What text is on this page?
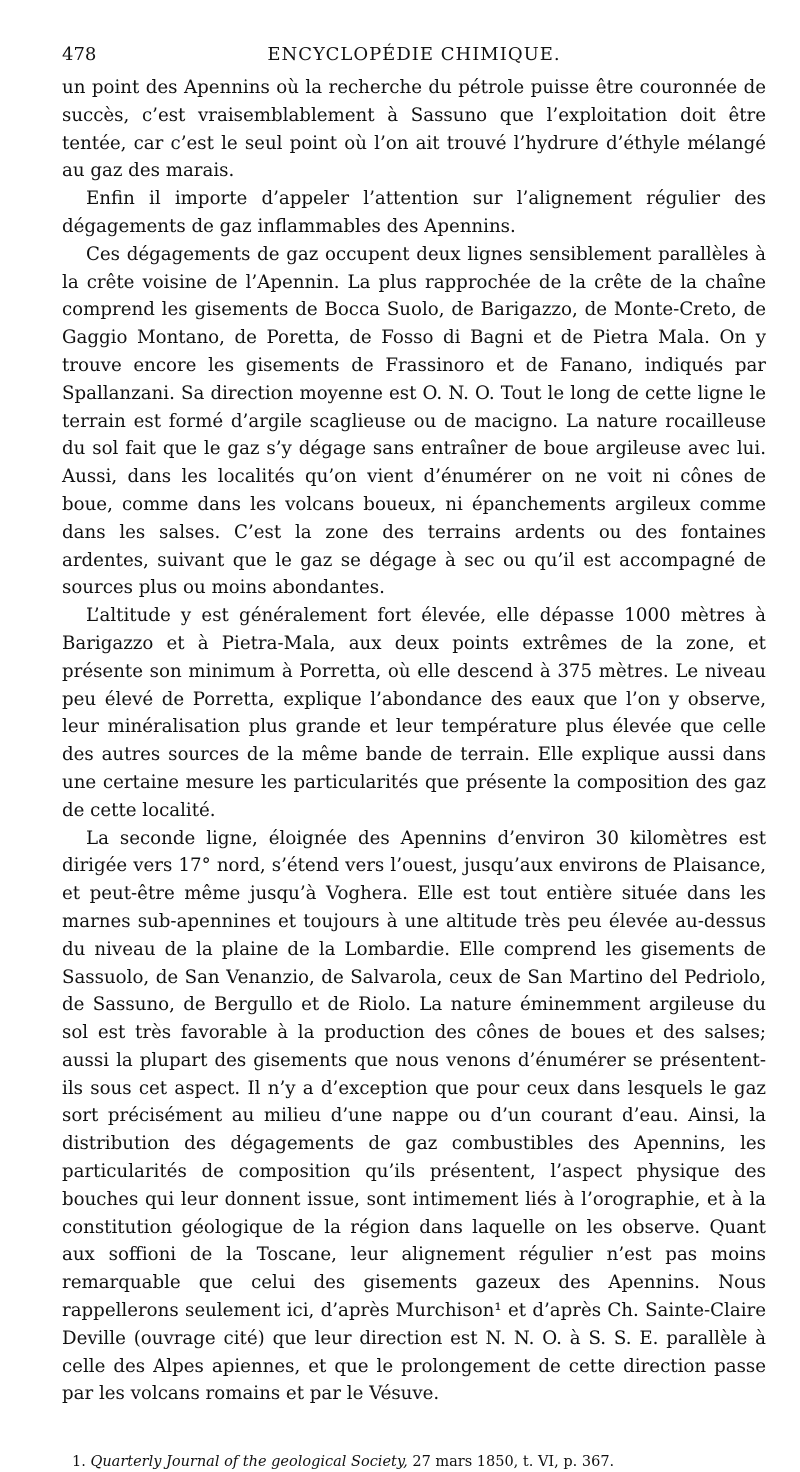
478	ENCYCLOPÉDIE CHIMIQUE.

un point des Apennins où la recherche du pétrole puisse être couronnée de succès, c’est vraisemblablement à Sassuno que l’exploitation doit être tentée, car c’est le seul point où l’on ait trouvé l’hydrure d’éthyle mélangé au gaz des marais.

Enfin il importe d’appeler l’attention sur l’alignement régulier des dégagements de gaz inflammables des Apennins.

Ces dégagements de gaz occupent deux lignes sensiblement parallèles à la crête voisine de l’Apennin. La plus rapprochée de la crête de la chaîne comprend les gisements de Bocca Suolo, de Barigazzo, de Monte-Creto, de Gaggio Montano, de Poretta, de Fosso di Bagni et de Pietra Mala. On y trouve encore les gisements de Frassinoro et de Fanano, indiqués par Spallanzani. Sa direction moyenne est O. N. O. Tout le long de cette ligne le terrain est formé d’argile scaglieuse ou de macigno. La nature rocailleuse du sol fait que le gaz s’y dégage sans entraîner de boue argileuse avec lui. Aussi, dans les localités qu’on vient d’énumérer on ne voit ni cônes de boue, comme dans les volcans boueux, ni épanchements argileux comme dans les salses. C’est la zone des terrains ardents ou des fontaines ardentes, suivant que le gaz se dégage à sec ou qu’il est accompagné de sources plus ou moins abondantes.

L’altitude y est généralement fort élevée, elle dépasse 1000 mètres à Barigazzo et à Pietra-Mala, aux deux points extrêmes de la zone, et présente son minimum à Porretta, où elle descend à 375 mètres. Le niveau peu élevé de Porretta, explique l’abondance des eaux que l’on y observe, leur minéralisation plus grande et leur température plus élevée que celle des autres sources de la même bande de terrain. Elle explique aussi dans une certaine mesure les particularités que présente la composition des gaz de cette localité.

La seconde ligne, éloignée des Apennins d’environ 30 kilomètres est dirigée vers 17° nord, s’étend vers l’ouest, jusqu’aux environs de Plaisance, et peut-être même jusqu’à Voghera. Elle est tout entière située dans les marnes sub-apennines et toujours à une altitude très peu élevée au-dessus du niveau de la plaine de la Lombardie. Elle comprend les gisements de Sassuolo, de San Venanzio, de Salvarola, ceux de San Martino del Pedriolo, de Sassuno, de Bergullo et de Riolo. La nature éminemment argileuse du sol est très favorable à la production des cônes de boues et des salses; aussi la plupart des gisements que nous venons d’énumérer se présentent-ils sous cet aspect. Il n’y a d’exception que pour ceux dans lesquels le gaz sort précisément au milieu d’une nappe ou d’un courant d’eau. Ainsi, la distribution des dégagements de gaz combustibles des Apennins, les particularités de composition qu’ils présentent, l’aspect physique des bouches qui leur donnent issue, sont intimement liés à l’orographie, et à la constitution géologique de la région dans laquelle on les observe. Quant aux soffioni de la Toscane, leur alignement régulier n’est pas moins remarquable que celui des gisements gazeux des Apennins. Nous rappellerons seulement ici, d’après Murchison¹ et d’après Ch. Sainte-Claire Deville (ouvrage cité) que leur direction est N. N. O. à S. S. E. parallèle à celle des Alpes apiennes, et que le prolongement de cette direction passe par les volcans romains et par le Vésuve.

1. Quarterly Journal of the geological Society, 27 mars 1850, t. VI, p. 367.
